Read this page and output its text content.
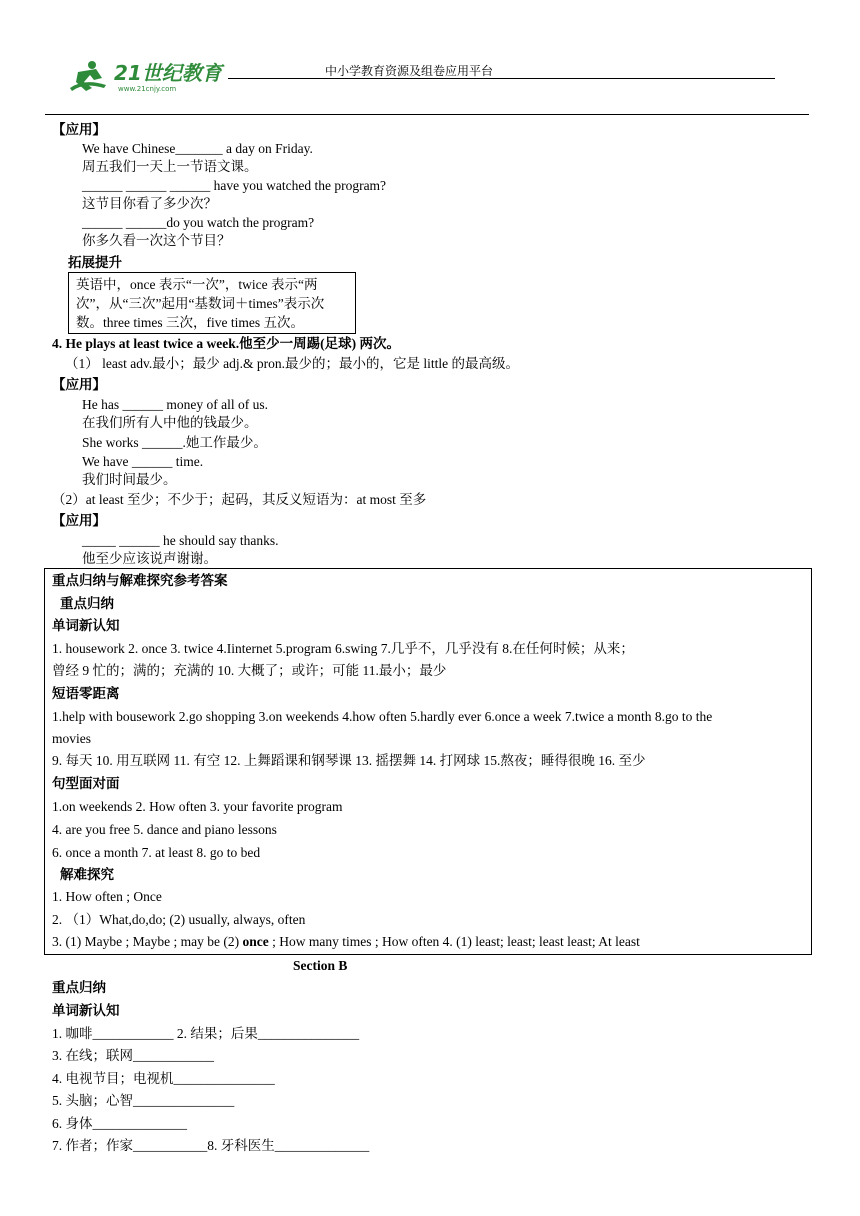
21世纪教育
www.21cnjy.com
中小学教育资源及组卷应用平台
【应用】
We have Chinese_______ a day on Friday.
周五我们一天上一节语文课。
______ ______ ______ have you watched the program?
这节目你看了多少次？
______ ______do you watch the program?
你多久看一次这个节目？
拓展提升
英语中，once 表示“一次”，twice 表示“两
次”，从“三次”起用“基数词＋times”表示次
数。three times 三次，five times 五次。
4. He plays at least twice a week.他至少一周踢(足球) 两次。
（1） least adv.最小；最少 adj.& pron.最少的；最小的，它是 little 的最高级。
【应用】
He has ______ money of all of us.
在我们所有人中他的钱最少。
She works ______.她工作最少。
We have ______ time.
我们时间最少。
（2）at least 至少；不少于；起码，其反义短语为：at most 至多
【应用】
_____ ______ he should say thanks.
他至少应该说声谢谢。
重点归纳与解难探究参考答案
重点归纳
单词新认知
1. housework 2. once 3. twice 4.Iinternet 5.program 6.swing 7.几乎不，几乎没有 8.在任何时候；从来；
曾经 9 忙的；满的；充满的 10. 大概了；或许；可能 11.最小；最少
短语零距离
1.help with bousework 2.go shopping 3.on weekends 4.how often 5.hardly ever 6.once a week 7.twice a month 8.go to the
movies
9. 每天 10. 用互联网 11. 有空 12. 上舞蹈课和钢琴课 13. 摇摆舞 14. 打网球 15.熬夜；睡得很晚 16. 至少
句型面对面
1.on weekends 2. How often 3. your favorite program
4. are you free 5. dance and piano lessons
6. once a month 7. at least 8. go to bed
解难探究
1. How often ; Once
2. （1）What,do,do; (2) usually, always, often
Section B
重点归纳
单词新认知
1. 咖啡____________ 2. 结果；后果_______________
3. 在线；联网____________
4. 电视节目；电视机_______________
5. 头脑；心智_______________
6. 身体______________
7. 作者；作家___________8. 牙科医生______________
3. (1) Maybe ; Maybe ; may be (2) once ; How many times ; How often 4. (1) least; least; least least; At least
